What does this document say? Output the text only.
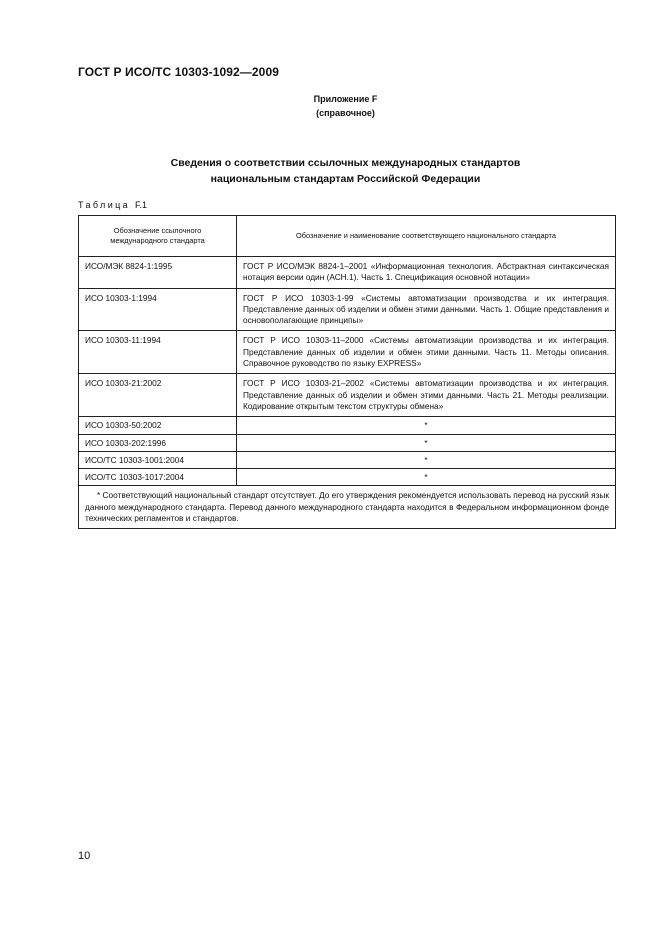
ГОСТ Р ИСО/ТС 10303-1092—2009
Приложение F
(справочное)
Сведения о соответствии ссылочных международных стандартов
национальным стандартам Российской Федерации
Таблица F.1
Обозначение ссылочного международного стандарта	Обозначение и наименование соответствующего национального стандарта
ИСО/МЭК 8824-1:1995	ГОСТ Р ИСО/МЭК 8824-1–2001 «Информационная технология. Абстрактная синтаксическая нотация версии один (АСН.1). Часть 1. Спецификация основной нотации»
ИСО 10303-1:1994	ГОСТ Р ИСО 10303-1-99 «Системы автоматизации производства и их интеграция. Представление данных об изделии и обмен этими данными. Часть 1. Общие представления и основополагающие принципы»
ИСО 10303-11:1994	ГОСТ Р ИСО 10303-11–2000 «Системы автоматизации производства и их интеграция. Представление данных об изделии и обмен этими данными. Часть 11. Методы описания. Справочное руководство по языку EXPRESS»
ИСО 10303-21:2002	ГОСТ Р ИСО 10303-21–2002 «Системы автоматизации производства и их интеграция. Представление данных об изделии и обмен этими данными. Часть 21. Методы реализации. Кодирование открытым текстом структуры обмена»
ИСО 10303-50:2002	*
ИСО 10303-202:1996	*
ИСО/ТС 10303-1001:2004	*
ИСО/ТС 10303-1017:2004	*
* Соответствующий национальный стандарт отсутствует. До его утверждения рекомендуется использовать перевод на русский язык данного международного стандарта. Перевод данного международного стандарта находится в Федеральном информационном фонде технических регламентов и стандартов.	
10
